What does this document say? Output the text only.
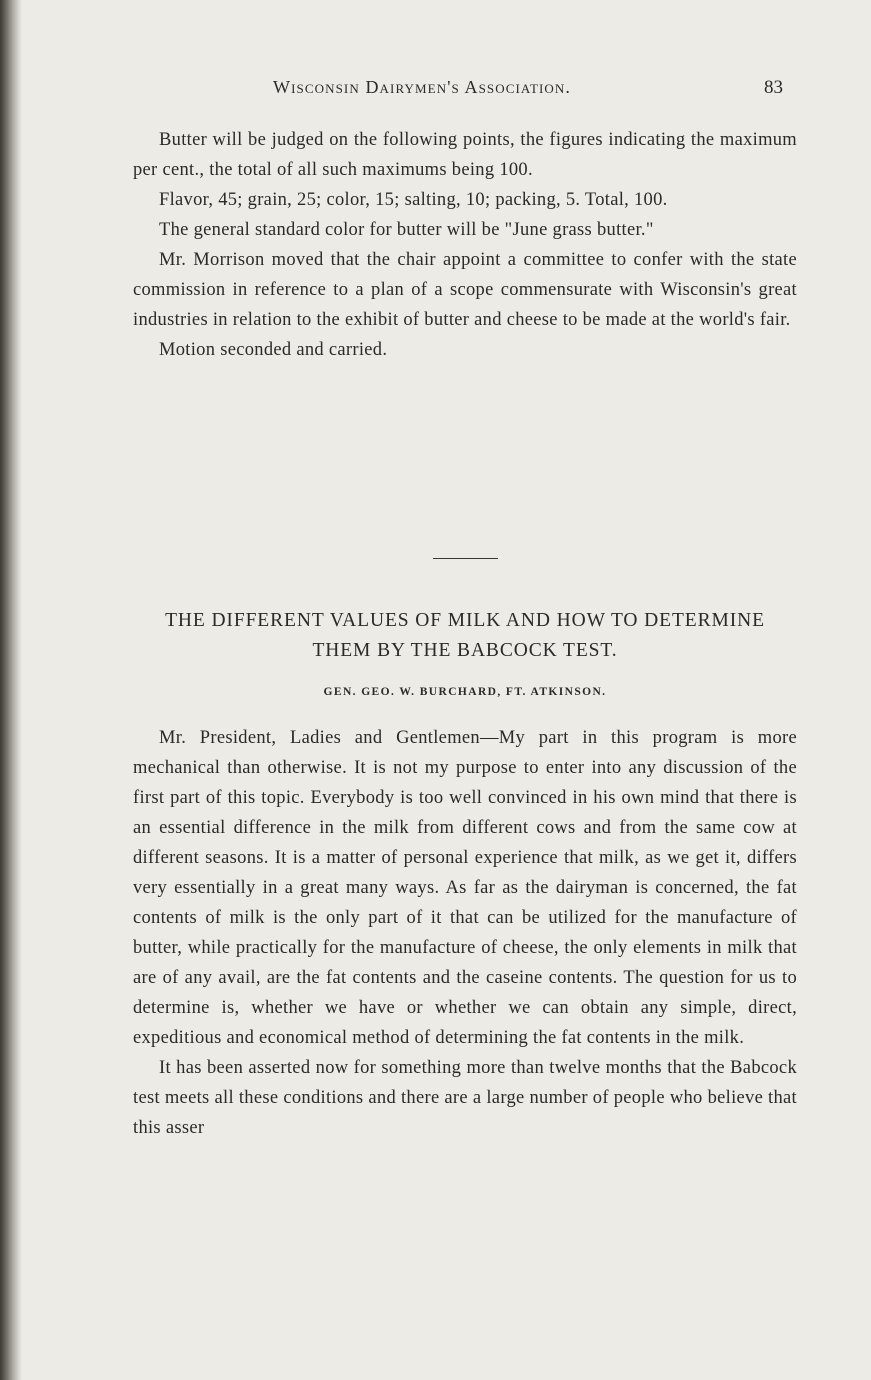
Wisconsin Dairymen's Association.	83

Butter will be judged on the following points, the figures indicating the maximum per cent., the total of all such maximums being 100.

Flavor, 45; grain, 25; color, 15; salting, 10; packing, 5. Total, 100.

The general standard color for butter will be "June grass butter."

Mr. Morrison moved that the chair appoint a committee to confer with the state commission in reference to a plan of a scope commensurate with Wisconsin's great industries in relation to the exhibit of butter and cheese to be made at the world's fair.

Motion seconded and carried.

THE DIFFERENT VALUES OF MILK AND HOW TO DETERMINE THEM BY THE BABCOCK TEST.

GEN. GEO. W. BURCHARD, FT. ATKINSON.

Mr. President, Ladies and Gentlemen—My part in this program is more mechanical than otherwise. It is not my purpose to enter into any discussion of the first part of this topic. Everybody is too well convinced in his own mind that there is an essential difference in the milk from different cows and from the same cow at different seasons. It is a matter of personal experience that milk, as we get it, differs very essentially in a great many ways. As far as the dairyman is concerned, the fat contents of milk is the only part of it that can be utilized for the manufacture of butter, while practically for the manufacture of cheese, the only elements in milk that are of any avail, are the fat contents and the caseine contents. The question for us to determine is, whether we have or whether we can obtain any simple, direct, expeditious and economical method of determining the fat contents in the milk.

It has been asserted now for something more than twelve months that the Babcock test meets all these conditions and there are a large number of people who believe that this asser
